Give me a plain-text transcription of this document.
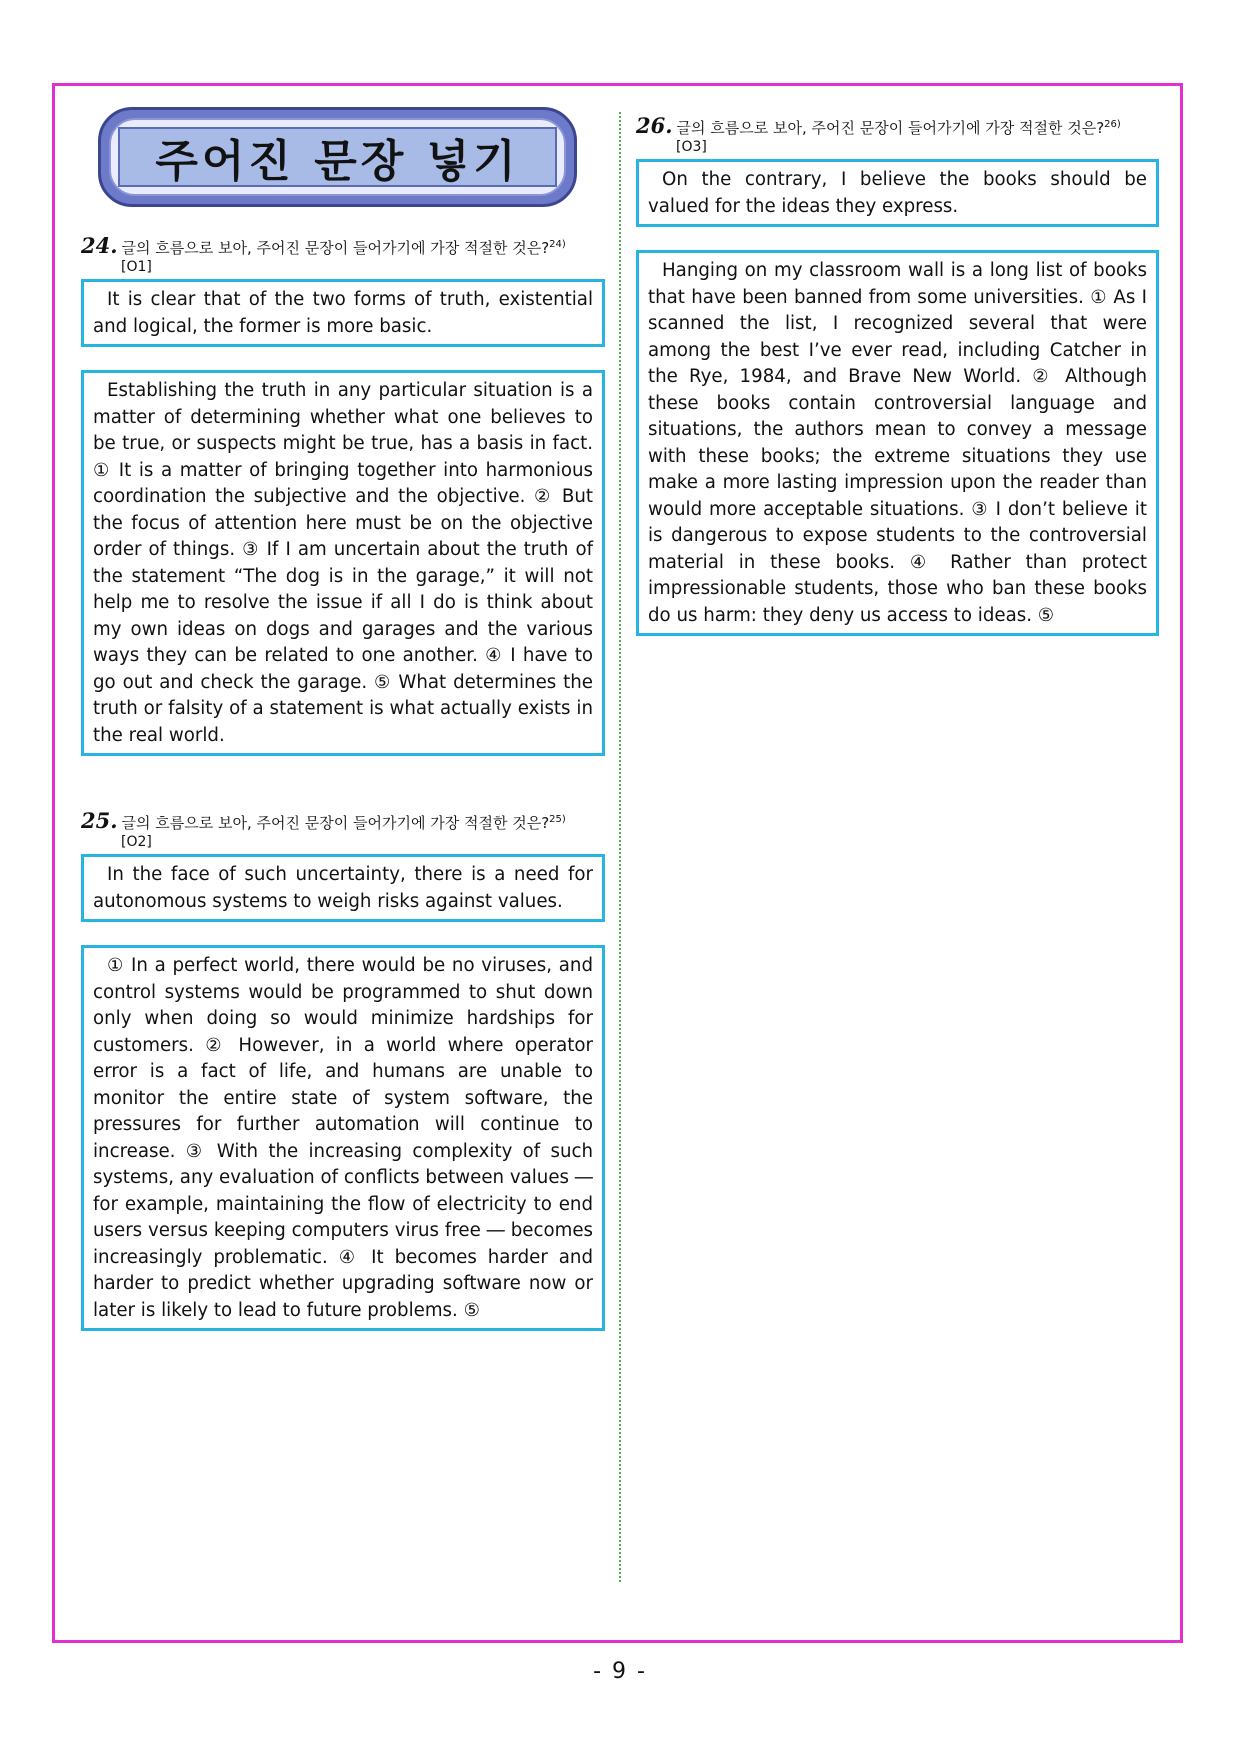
주어진 문장 넣기
24. 글의 흐름으로 보아, 주어진 문장이 들어가기에 가장 적절한 것은?$^{24)}$
[O1]

It is clear that of the two forms of truth, existential and logical, the former is more basic.

Establishing the truth in any particular situation is a matter of determining whether what one believes to be true, or suspects might be true, has a basis in fact. ① It is a matter of bringing together into harmonious coordination the subjective and the objective. ② But the focus of attention here must be on the objective order of things. ③ If I am uncertain about the truth of the statement “The dog is in the garage,” it will not help me to resolve the issue if all I do is think about my own ideas on dogs and garages and the various ways they can be related to one another. ④ I have to go out and check the garage. ⑤ What determines the truth or falsity of a statement is what actually exists in the real world.

25. 글의 흐름으로 보아, 주어진 문장이 들어가기에 가장 적절한 것은?$^{25)}$
[O2]

In the face of such uncertainty, there is a need for autonomous systems to weigh risks against values.

① In a perfect world, there would be no viruses, and control systems would be programmed to shut down only when doing so would minimize hardships for customers. ② However, in a world where operator error is a fact of life, and humans are unable to monitor the entire state of system software, the pressures for further automation will continue to increase. ③ With the increasing complexity of such systems, any evaluation of conflicts between values ― for example, maintaining the flow of electricity to end users versus keeping computers virus free ― becomes increasingly problematic. ④ It becomes harder and harder to predict whether upgrading software now or later is likely to lead to future problems. ⑤

26. 글의 흐름으로 보아, 주어진 문장이 들어가기에 가장 적절한 것은?$^{26)}$
[O3]

On the contrary, I believe the books should be valued for the ideas they express.

Hanging on my classroom wall is a long list of books that have been banned from some universities. ① As I scanned the list, I recognized several that were among the best I’ve ever read, including Catcher in the Rye, 1984, and Brave New World. ② Although these books contain controversial language and situations, the authors mean to convey a message with these books; the extreme situations they use make a more lasting impression upon the reader than would more acceptable situations. ③ I don’t believe it is dangerous to expose students to the controversial material in these books. ④ Rather than protect impressionable students, those who ban these books do us harm: they deny us access to ideas. ⑤

- 9 -
